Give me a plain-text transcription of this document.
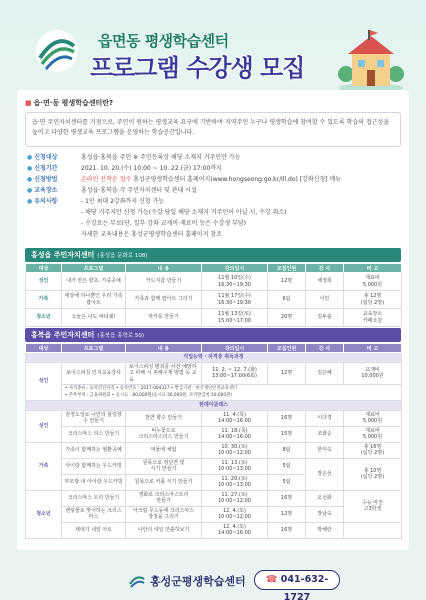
읍면동 평생학습센터
프로그램 수강생 모집
■ 읍·면·동 평생학습센터란?
읍·면 주민자치센터를 거점으로, 주민이 원하는 평생교육 요구에 기반하여 지역주민 누구나 평생학습에 참여할 수 있도록 학습의 접근성을 높이고 다양한 평생교육 프로그램을 운영하는 학습공간입니다.
● 신청대상	홍성읍·홍북읍 주민 ※ 주민등록상 해당 소재지 거주민만 가능
● 신청기간	2021. 10. 20.(수) 10:00 ~ 10. 22.(금) 17:00까지
● 신청방법	온라인 선착순 접수 홍성군평생학습센터 홈페이지(www.hongseong.go.kr/lll.do) [강좌신청] 메뉴
● 교육장소	홍성읍·홍북읍 각 주민자치센터 및 관내 시설
● 유의사항	- 1인 최대 2강좌까지 신청 가능
- 해당 거주지만 신청 가능(수강 당일 해당 소재지 거주민이 아닐 시, 수강 취소)
- 수강료는 무료(단, 일부 강좌 교재비·재료비 등은 수강생 부담)
자세한 교육내용은 홍성군평생학습센터 홈페이지 참조
홍성읍 주민자치센터 (홍성읍 문화로 108)
대상	프로그램	내 용	강의일시	모집인원	강 사	비 고
성인	내가 만든 향초, 가죽공예	카드지갑 만들기	11월 10일(수)
16:30~19:30	12명	채정희	재료비
5,000원
가족	세상에 하나뿐인 우리 가족 팝아트	가족과 함께 팝아트 그리기	11월 17일(수)
16:30~19:30	6팀	이민	총 12명
(팀당 2명)
청소년	오늘은 나도 파티쉐!	마카롱 만들기	11월 13일(토)
15:00~17:00	20명	김두출	교육장소
카페오감
홍북읍 주민자치센터 (홍북읍 홍학로 50)
대상	프로그램	내 용	강의일시	모집인원	강 사	비 고
직업능력 · 자격증 취득과정						
성인	보이스피싱 인지교육강사	보이스피싱 범죄를 사전 예방하고 피해 시 피해구제 방법 등 교육	11. 2. ~ 12. 7.(화)
13:00~17:00(6회)	12명	김은혜	교재비
10,000원
	• 자격종류 : 등록민간자격 • 등록번호 : 2017-004317 • 발급기관 : 한국재난안전교육센터
• 주무부처 : 금융위원회 • 응시료 : 80,000원(응시료 30,000원, 자격발급비 50,000원)					
원데이클래스						
성인	감정오일로 나만의 힐링향수 만들기	천연 향수 만들기	11. 4.(목)
14:00~16:00	16명	이다경	재료비
5,000원
	크리스마스 리스 만들기	비누꽃으로
크리스마스리스 만들기	11. 18.(목)
14:00~16:00	15명	조화순	재료비
5,000원
가족	가족이 함께하는 필환공예	먹물에 체험	10. 30.(토)
10:00~12:00	8팀	한미옥	총 16명
(팀당 2명)
	아이랑 함께하는 우드카빙	원목으로 정년견 및
식기 만들기	11. 13.(토)
10:00~13:00	5팀	장은선	총 10명
(팀당 2명)
	부모랑 내 아이랑 우드카빙	원목으로 커플 식기 만들기	11. 20.(토)
10:00~13:00	5팀		
청소년	크리스마스 트리 만들기	생화로 크리스마스트리
만들기	11. 27.(토)
10:00~12:00	16명	오선화	수능 마친
고3학생
	캔팅물로 맞이하는 크리스마스	아크릴 무드등에 크리스마스
장정을 그리기	12. 4.(토)
10:00~12:00	12명	장남숙	
	새내기 네일 아트	나만의 네일 연출하보기	12. 4.(토)
14:00~16:00	16명	박혜란	
홍성군평생학습센터	☎ 041-632-1727
